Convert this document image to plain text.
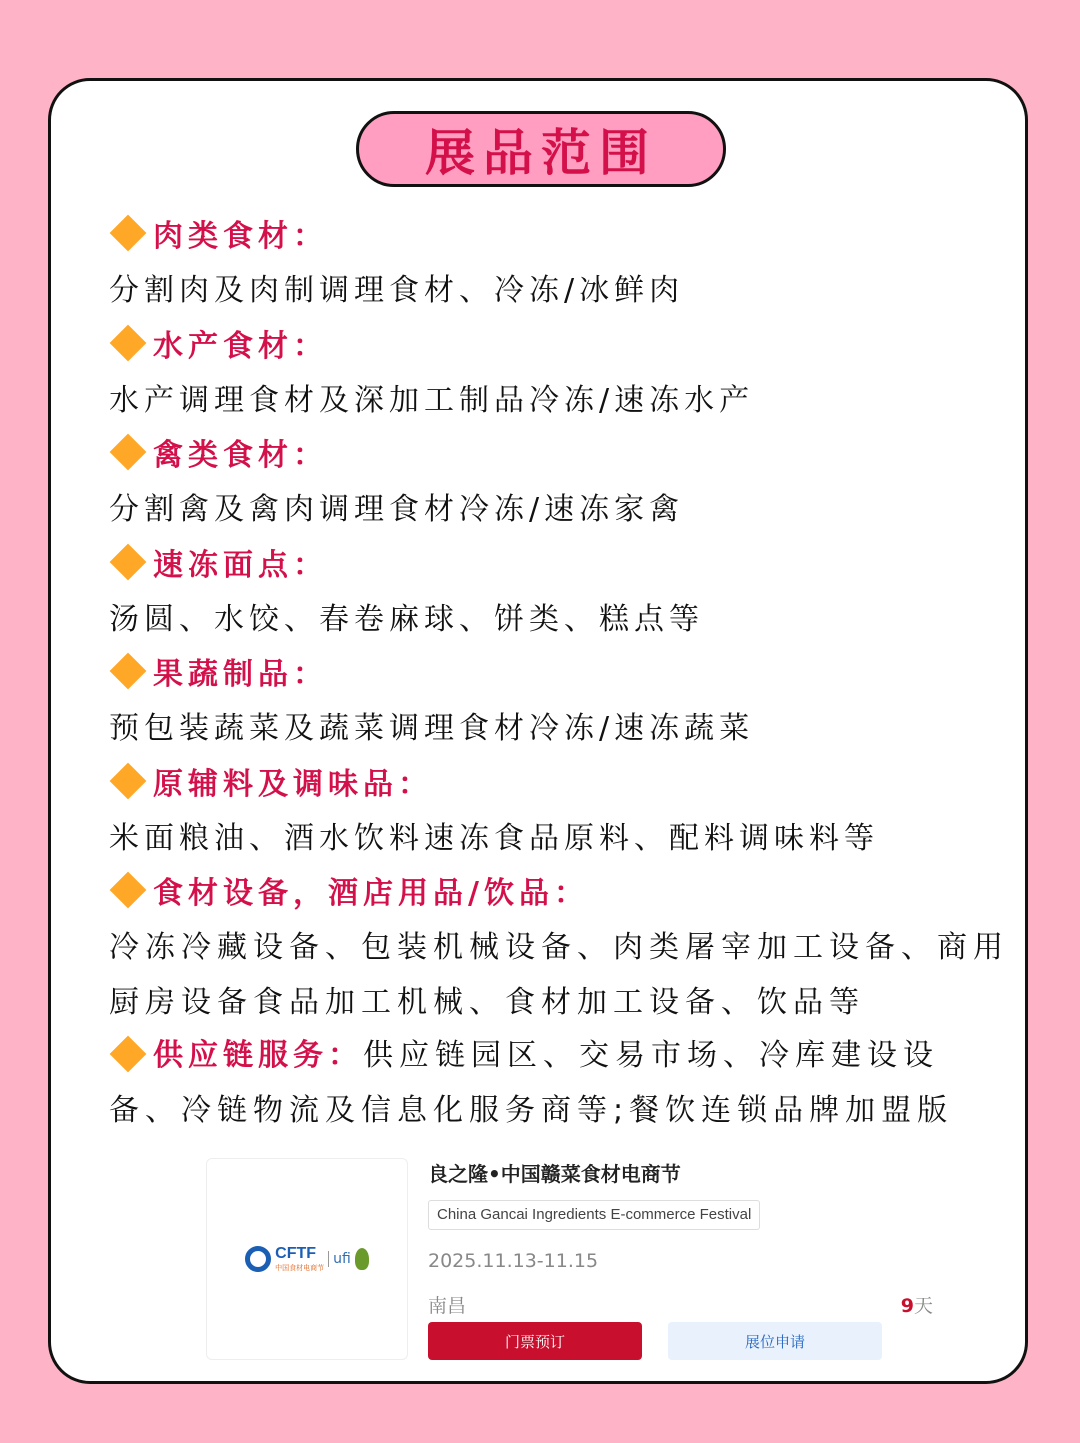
展品范围
肉类食材：
分割肉及肉制调理食材、冷冻/冰鲜肉
水产食材：
水产调理食材及深加工制品冷冻/速冻水产
禽类食材：
分割禽及禽肉调理食材冷冻/速冻家禽
速冻面点：
汤圆、水饺、春卷麻球、饼类、糕点等
果蔬制品：
预包装蔬菜及蔬菜调理食材冷冻/速冻蔬菜
原辅料及调味品：
米面粮油、酒水饮料速冻食品原料、配料调味料等
食材设备，酒店用品/饮品：
冷冻冷藏设备、包装机械设备、肉类屠宰加工设备、商用厨房设备食品加工机械、食材加工设备、饮品等
供应链服务：供应链园区、交易市场、冷库建设设备、冷链物流及信息化服务商等;餐饮连锁品牌加盟版
CFTF
中国食材电商节
ufi
良之隆•中国赣菜食材电商节
China Gancai Ingredients E-commerce Festival
2025.11.13-11.15
南昌	9天
门票预订	展位申请
